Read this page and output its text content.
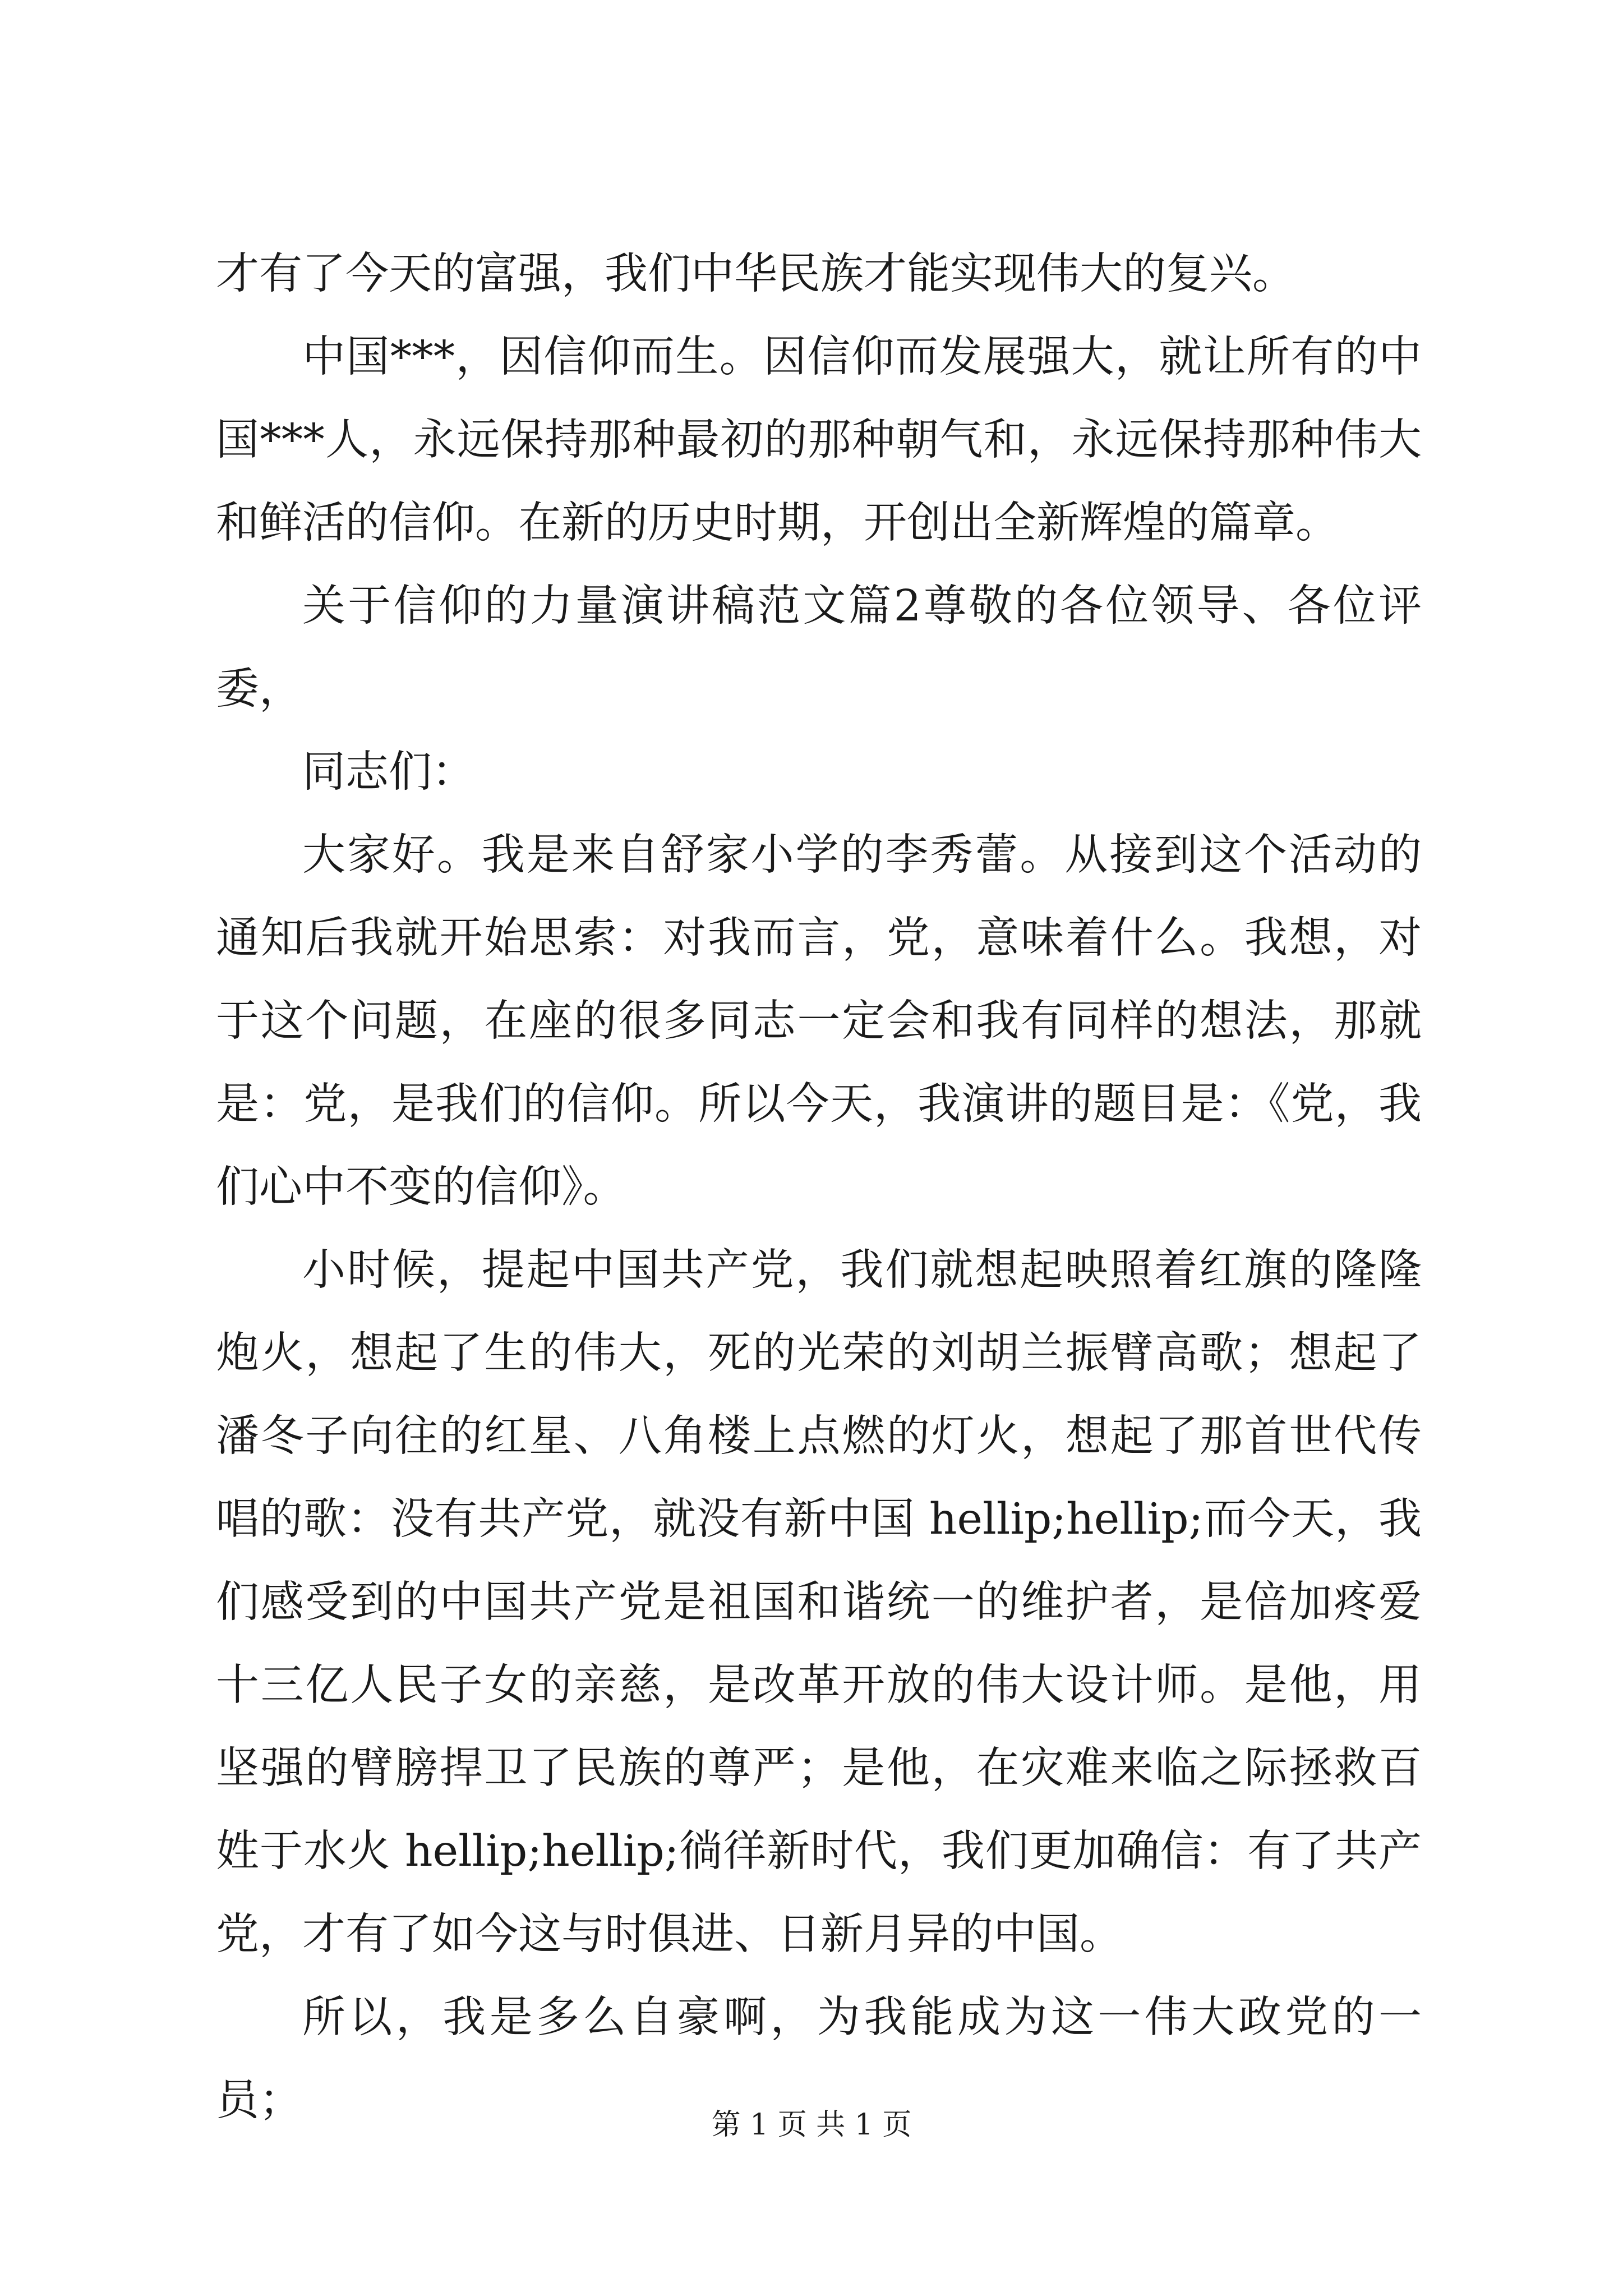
才有了今天的富强，我们中华民族才能实现伟大的复兴。

中国***，因信仰而生。因信仰而发展强大，就让所有的中国***人，永远保持那种最初的那种朝气和，永远保持那种伟大和鲜活的信仰。在新的历史时期，开创出全新辉煌的篇章。

关于信仰的力量演讲稿范文篇2尊敬的各位领导、各位评委，

同志们：

大家好。我是来自舒家小学的李秀蕾。从接到这个活动的通知后我就开始思索：对我而言，党，意味着什么。我想，对于这个问题，在座的很多同志一定会和我有同样的想法，那就是：党，是我们的信仰。所以今天，我演讲的题目是：《党，我们心中不变的信仰》。

小时候，提起中国共产党，我们就想起映照着红旗的隆隆炮火，想起了生的伟大，死的光荣的刘胡兰振臂高歌；想起了潘冬子向往的红星、八角楼上点燃的灯火，想起了那首世代传唱的歌：没有共产党，就没有新中国 hellip;hellip;而今天，我们感受到的中国共产党是祖国和谐统一的维护者，是倍加疼爱十三亿人民子女的亲慈，是改革开放的伟大设计师。是他，用坚强的臂膀捍卫了民族的尊严；是他，在灾难来临之际拯救百姓于水火 hellip;hellip;徜徉新时代，我们更加确信：有了共产党，才有了如今这与时俱进、日新月异的中国。

所以，我是多么自豪啊，为我能成为这一伟大政党的一员；	第 1 页 共 1 页
